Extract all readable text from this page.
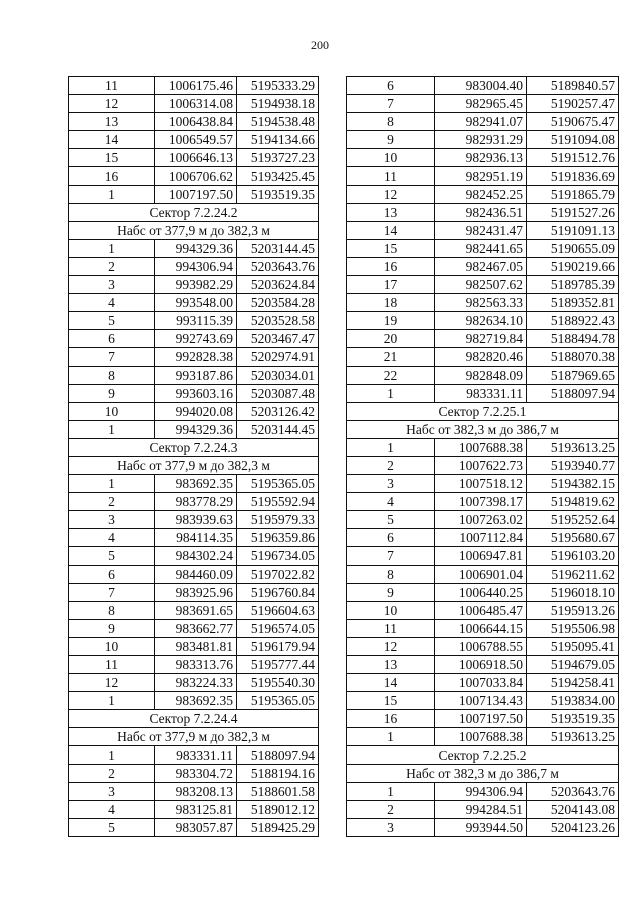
200
11	1006175.46	5195333.29
12	1006314.08	5194938.18
13	1006438.84	5194538.48
14	1006549.57	5194134.66
15	1006646.13	5193727.23
16	1006706.62	5193425.45
1	1007197.50	5193519.35
Сектор 7.2.24.2		
Набс от 377,9 м до 382,3 м		
1	994329.36	5203144.45
2	994306.94	5203643.76
3	993982.29	5203624.84
4	993548.00	5203584.28
5	993115.39	5203528.58
6	992743.69	5203467.47
7	992828.38	5202974.91
8	993187.86	5203034.01
9	993603.16	5203087.48
10	994020.08	5203126.42
1	994329.36	5203144.45
Сектор 7.2.24.3		
Набс от 377,9 м до 382,3 м		
1	983692.35	5195365.05
2	983778.29	5195592.94
3	983939.63	5195979.33
4	984114.35	5196359.86
5	984302.24	5196734.05
6	984460.09	5197022.82
7	983925.96	5196760.84
8	983691.65	5196604.63
9	983662.77	5196574.05
10	983481.81	5196179.94
11	983313.76	5195777.44
12	983224.33	5195540.30
1	983692.35	5195365.05
Сектор 7.2.24.4		
Набс от 377,9 м до 382,3 м		
1	983331.11	5188097.94
2	983304.72	5188194.16
3	983208.13	5188601.58
4	983125.81	5189012.12
5	983057.87	5189425.29
6	983004.40	5189840.57
7	982965.45	5190257.47
8	982941.07	5190675.47
9	982931.29	5191094.08
10	982936.13	5191512.76
11	982951.19	5191836.69
12	982452.25	5191865.79
13	982436.51	5191527.26
14	982431.47	5191091.13
15	982441.65	5190655.09
16	982467.05	5190219.66
17	982507.62	5189785.39
18	982563.33	5189352.81
19	982634.10	5188922.43
20	982719.84	5188494.78
21	982820.46	5188070.38
22	982848.09	5187969.65
1	983331.11	5188097.94
Сектор 7.2.25.1		
Набс от 382,3 м до 386,7 м		
1	1007688.38	5193613.25
2	1007622.73	5193940.77
3	1007518.12	5194382.15
4	1007398.17	5194819.62
5	1007263.02	5195252.64
6	1007112.84	5195680.67
7	1006947.81	5196103.20
8	1006901.04	5196211.62
9	1006440.25	5196018.10
10	1006485.47	5195913.26
11	1006644.15	5195506.98
12	1006788.55	5195095.41
13	1006918.50	5194679.05
14	1007033.84	5194258.41
15	1007134.43	5193834.00
16	1007197.50	5193519.35
1	1007688.38	5193613.25
Сектор 7.2.25.2		
Набс от 382,3 м до 386,7 м		
1	994306.94	5203643.76
2	994284.51	5204143.08
3	993944.50	5204123.26
